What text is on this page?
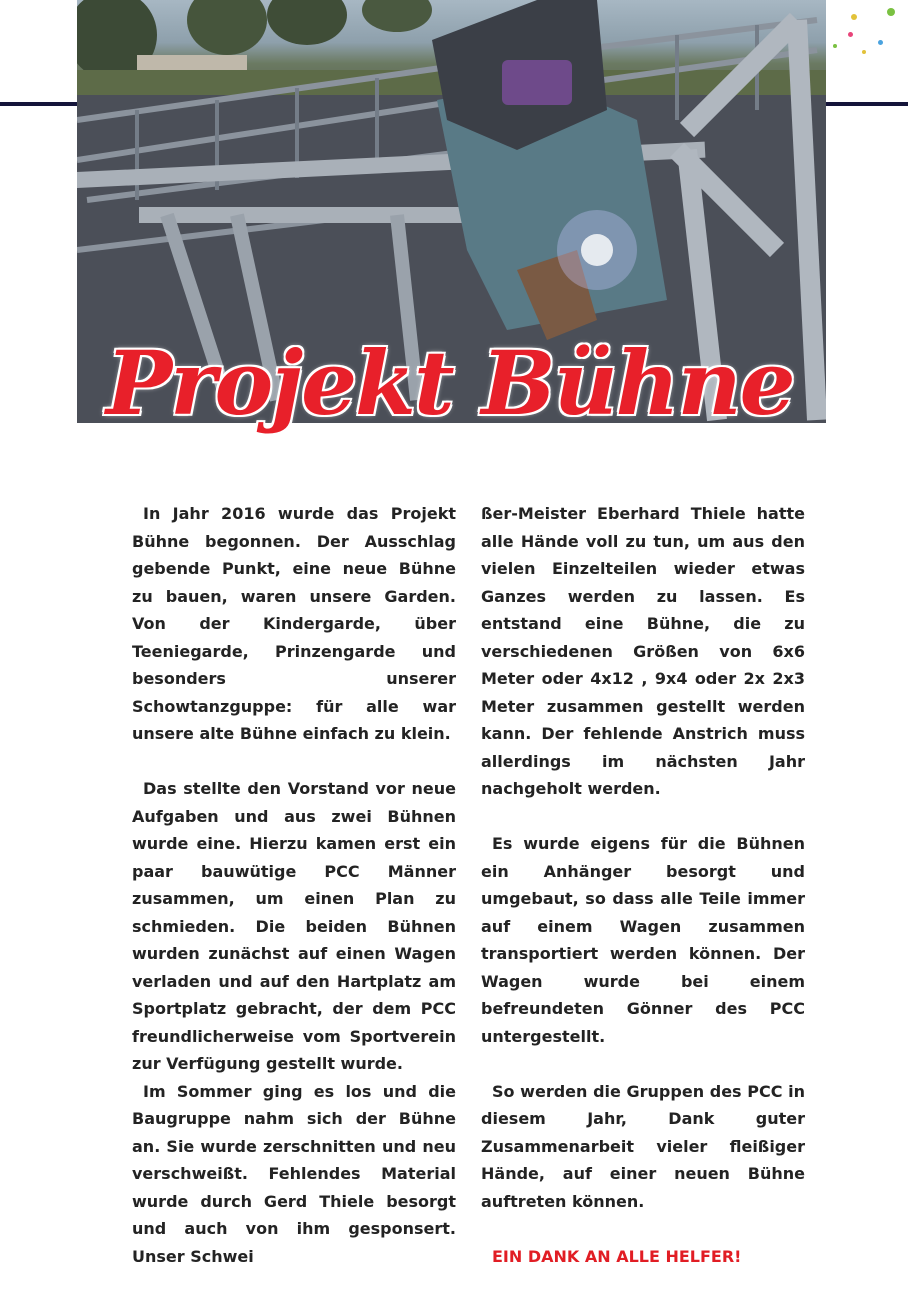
Projekt Bühne

In Jahr 2016 wurde das Projekt Bühne begonnen. Der Ausschlag gebende Punkt, eine neue Bühne zu bauen, waren unsere Garden. Von der Kindergarde, über Teeniegarde, Prinzengarde und besonders unserer Schowtanzguppe: für alle war unsere alte Bühne einfach zu klein.

Das stellte den Vorstand vor neue Aufgaben und aus zwei Bühnen wurde eine. Hierzu kamen erst ein paar bauwütige PCC Männer zusammen, um einen Plan zu schmieden. Die beiden Bühnen wurden zunächst auf einen Wagen verladen und auf den Hartplatz am Sportplatz gebracht, der dem PCC freundlicherweise vom Sportverein zur Verfügung gestellt wurde.

Im Sommer ging es los und die Baugruppe nahm sich der Bühne an. Sie wurde zerschnitten und neu verschweißt. Fehlendes Material wurde durch Gerd Thiele besorgt und auch von ihm gesponsert. Unser Schwei

ßer-Meister Eberhard Thiele hatte alle Hände voll zu tun, um aus den vielen Einzelteilen wieder etwas Ganzes werden zu lassen. Es entstand eine Bühne, die zu verschiedenen Größen von 6x6 Meter oder 4x12 , 9x4 oder 2x 2x3 Meter zusammen gestellt werden kann. Der fehlende Anstrich muss allerdings im nächsten Jahr nachgeholt werden.

Es wurde eigens für die Bühnen ein Anhänger besorgt und umgebaut, so dass alle Teile immer auf einem Wagen zusammen transportiert werden können. Der Wagen wurde bei einem befreundeten Gönner des PCC untergestellt.

So werden die Gruppen des PCC in diesem Jahr, Dank guter Zusammenarbeit vieler fleißiger Hände, auf einer neuen Bühne auftreten können.

EIN DANK AN ALLE HELFER!
